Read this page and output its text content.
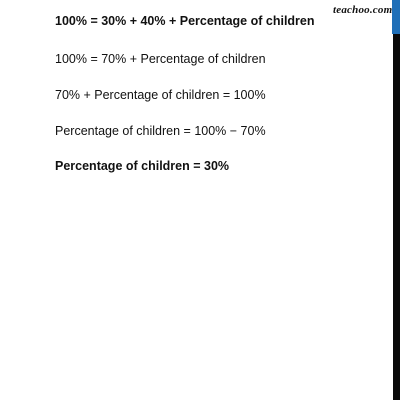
teachoo.com
100% = 30% + 40% + Percentage of children
100% = 70% + Percentage of children
70% + Percentage of children = 100%
Percentage of children = 100% − 70%
Percentage of children = 30%
